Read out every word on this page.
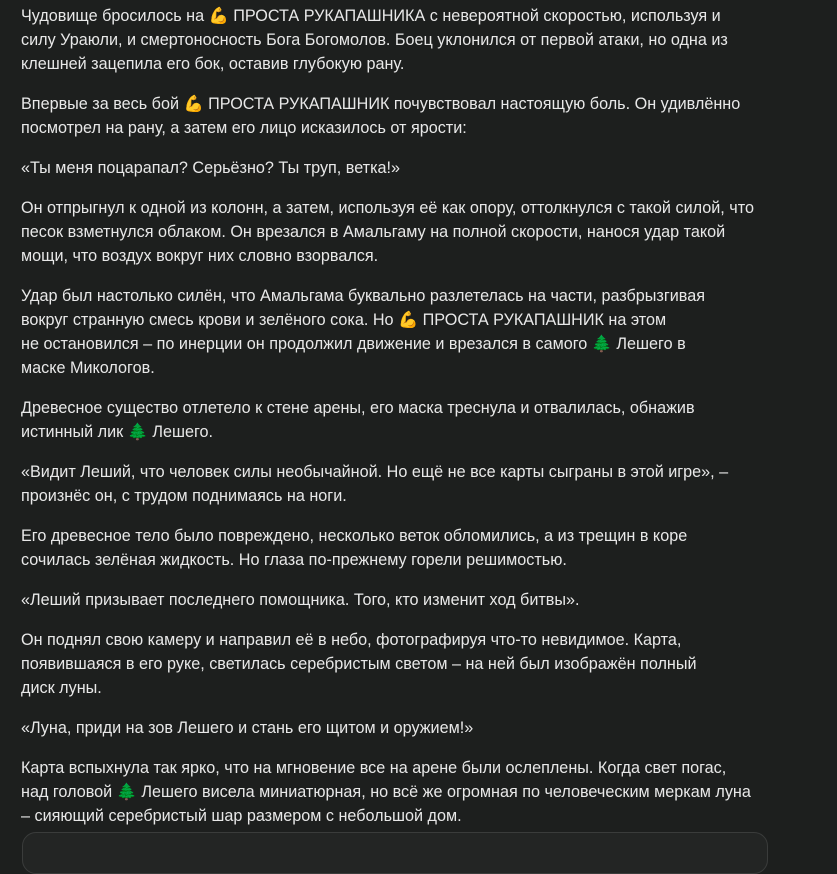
Чудовище бросилось на 💪 ПРОСТА РУКАПАШНИКА с невероятной скоростью, используя и
силу Ураюли, и смертоносность Бога Богомолов. Боец уклонился от первой атаки, но одна из
клешней зацепила его бок, оставив глубокую рану.

Впервые за весь бой 💪 ПРОСТА РУКАПАШНИК почувствовал настоящую боль. Он удивлённо
посмотрел на рану, а затем его лицо исказилось от ярости:

«Ты меня поцарапал? Серьёзно? Ты труп, ветка!»

Он отпрыгнул к одной из колонн, а затем, используя её как опору, оттолкнулся с такой силой, что
песок взметнулся облаком. Он врезался в Амальгаму на полной скорости, нанося удар такой
мощи, что воздух вокруг них словно взорвался.

Удар был настолько силён, что Амальгама буквально разлетелась на части, разбрызгивая
вокруг странную смесь крови и зелёного сока. Но 💪 ПРОСТА РУКАПАШНИК на этом
не остановился – по инерции он продолжил движение и врезался в самого 🌲 Лешего в
маске Микологов.

Древесное существо отлетело к стене арены, его маска треснула и отвалилась, обнажив
истинный лик 🌲 Лешего.

«Видит Леший, что человек силы необычайной. Но ещё не все карты сыграны в этой игре», –
произнёс он, с трудом поднимаясь на ноги.

Его древесное тело было повреждено, несколько веток обломились, а из трещин в коре
сочилась зелёная жидкость. Но глаза по-прежнему горели решимостью.

«Леший призывает последнего помощника. Того, кто изменит ход битвы».

Он поднял свою камеру и направил её в небо, фотографируя что-то невидимое. Карта,
появившаяся в его руке, светилась серебристым светом – на ней был изображён полный
диск луны.

«Луна, приди на зов Лешего и стань его щитом и оружием!»

Карта вспыхнула так ярко, что на мгновение все на арене были ослеплены. Когда свет погас,
над головой 🌲 Лешего висела миниатюрная, но всё же огромная по человеческим меркам луна
– сияющий серебристый шар размером с небольшой дом.
